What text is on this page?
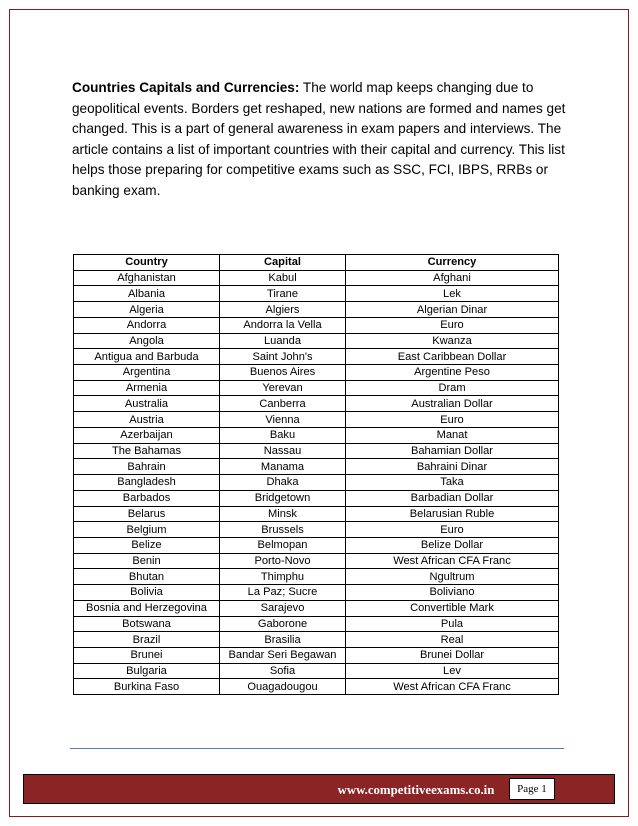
Countries Capitals and Currencies: The world map keeps changing due to geopolitical events. Borders get reshaped, new nations are formed and names get changed. This is a part of general awareness in exam papers and interviews. The article contains a list of important countries with their capital and currency. This list helps those preparing for competitive exams such as SSC, FCI, IBPS, RRBs or banking exam.

Country	Capital	Currency
Afghanistan	Kabul	Afghani
Albania	Tirane	Lek
Algeria	Algiers	Algerian Dinar
Andorra	Andorra la Vella	Euro
Angola	Luanda	Kwanza
Antigua and Barbuda	Saint John's	East Caribbean Dollar
Argentina	Buenos Aires	Argentine Peso
Armenia	Yerevan	Dram
Australia	Canberra	Australian Dollar
Austria	Vienna	Euro
Azerbaijan	Baku	Manat
The Bahamas	Nassau	Bahamian Dollar
Bahrain	Manama	Bahraini Dinar
Bangladesh	Dhaka	Taka
Barbados	Bridgetown	Barbadian Dollar
Belarus	Minsk	Belarusian Ruble
Belgium	Brussels	Euro
Belize	Belmopan	Belize Dollar
Benin	Porto-Novo	West African CFA Franc
Bhutan	Thimphu	Ngultrum
Bolivia	La Paz; Sucre	Boliviano
Bosnia and Herzegovina	Sarajevo	Convertible Mark
Botswana	Gaborone	Pula
Brazil	Brasilia	Real
Brunei	Bandar Seri Begawan	Brunei Dollar
Bulgaria	Sofia	Lev
Burkina Faso	Ouagadougou	West African CFA Franc
www.competitiveexams.co.in	Page 1
